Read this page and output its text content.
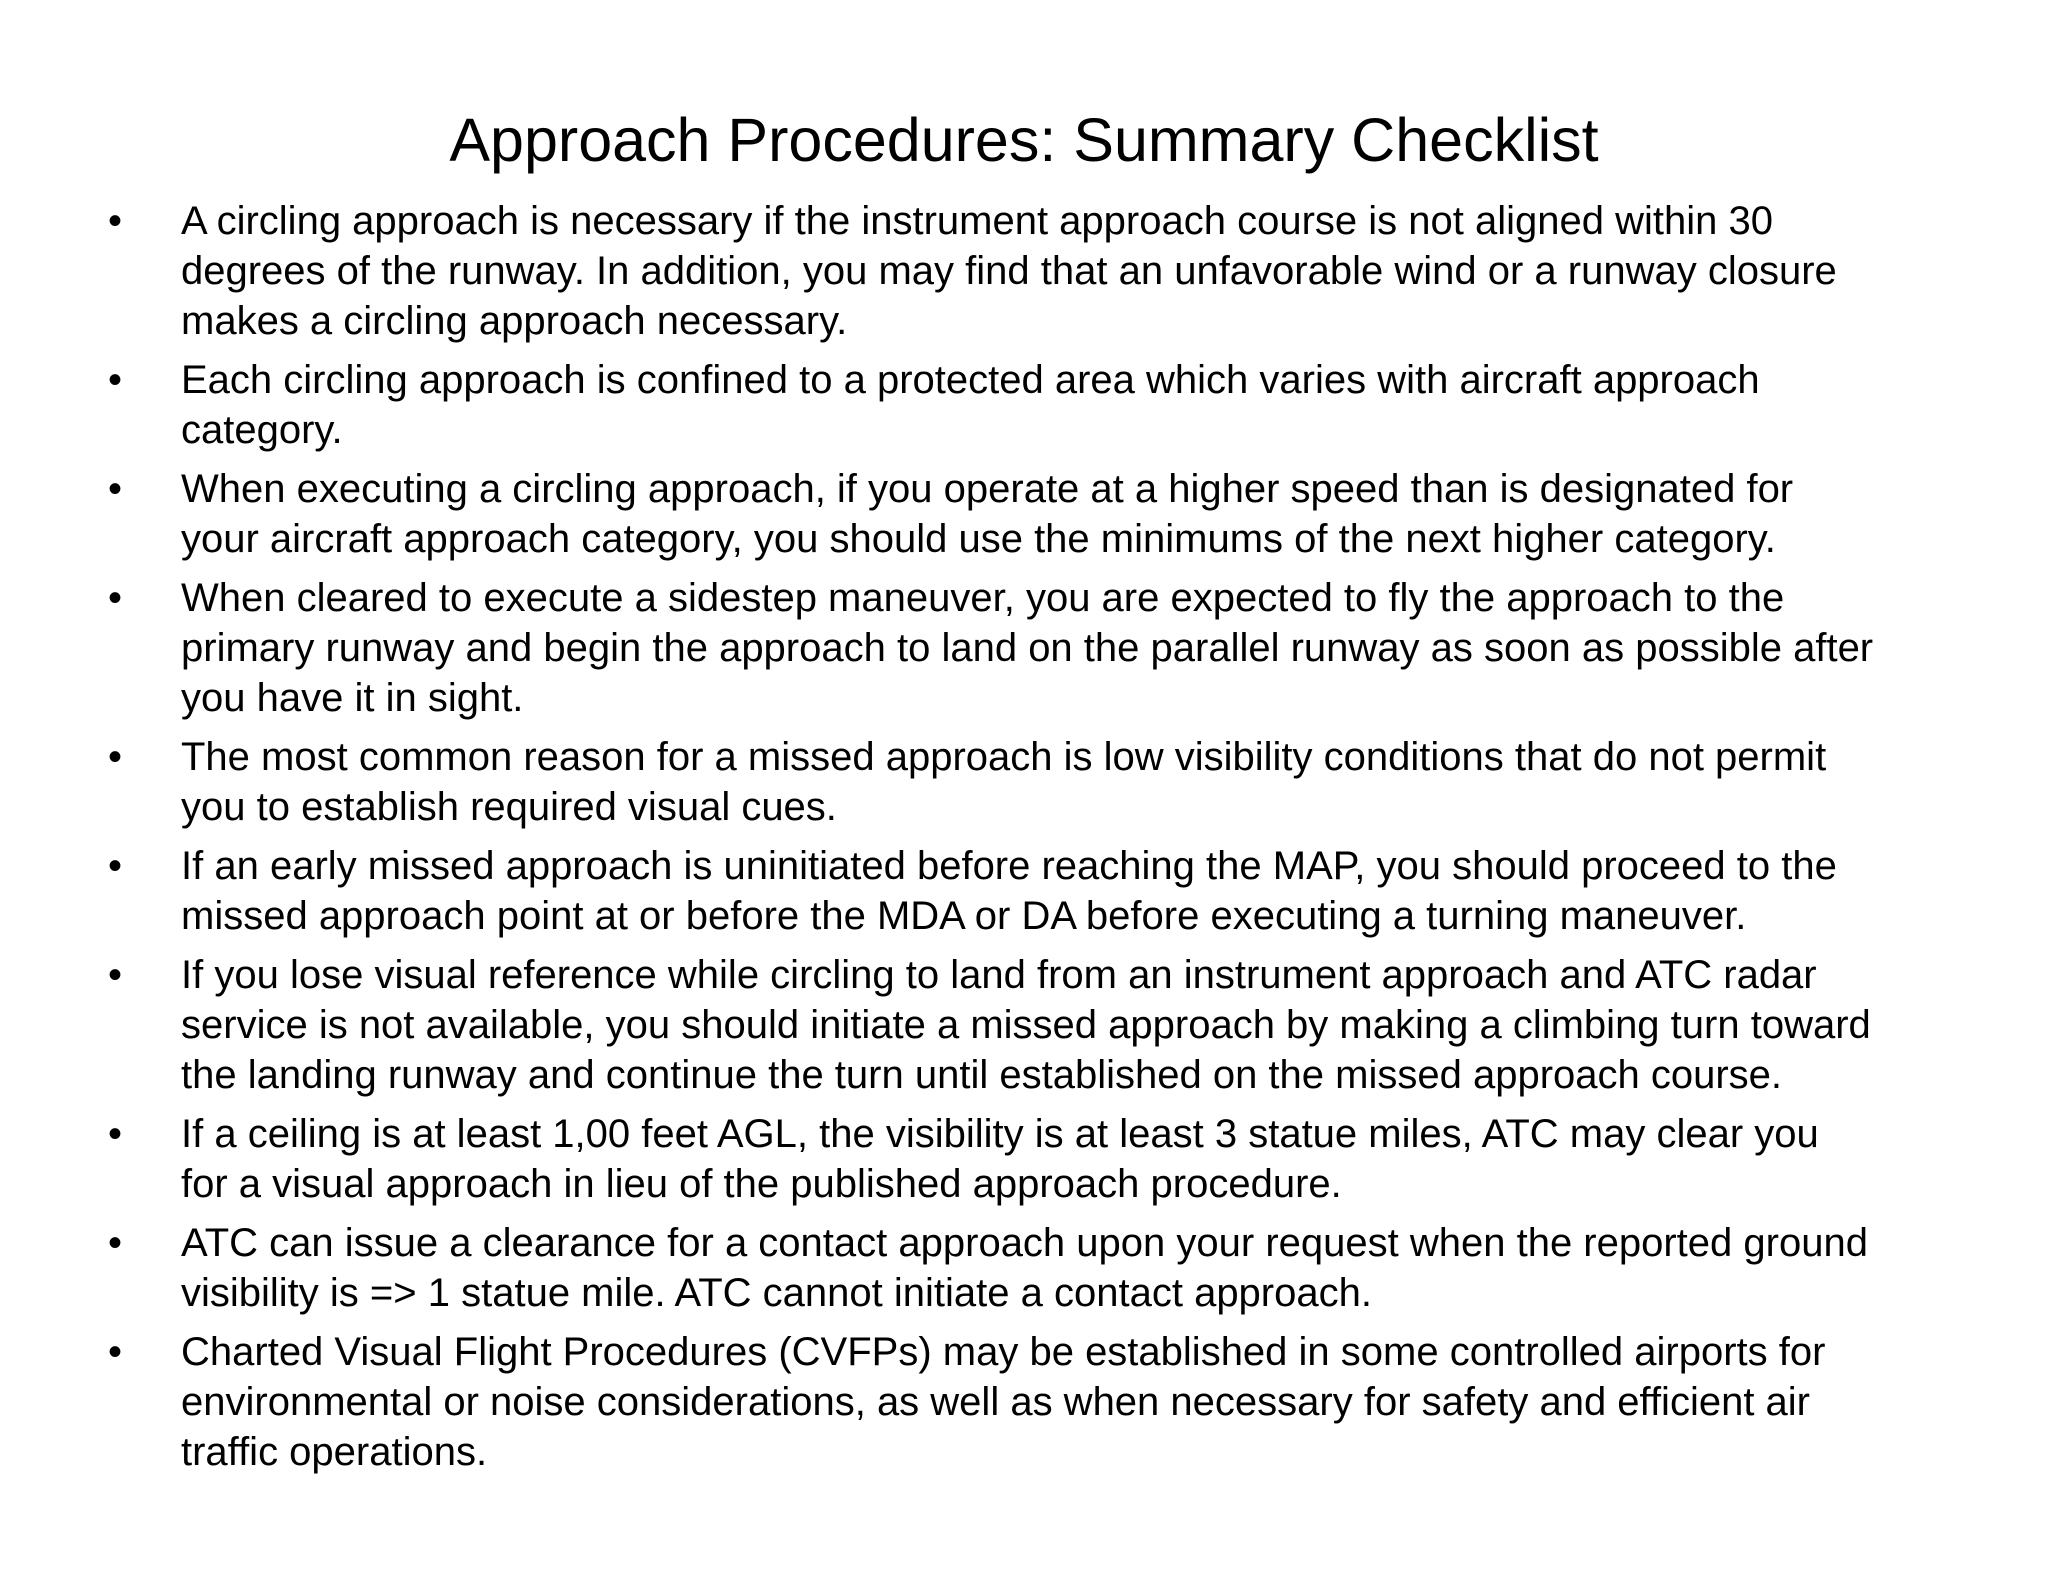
Approach Procedures: Summary Checklist
• A circling approach is necessary if the instrument approach course is not aligned within 30
degrees of the runway. In addition, you may find that an unfavorable wind or a runway closure
makes a circling approach necessary.
• Each circling approach is confined to a protected area which varies with aircraft approach
category.
• When executing a circling approach, if you operate at a higher speed than is designated for
your aircraft approach category, you should use the minimums of the next higher category.
• When cleared to execute a sidestep maneuver, you are expected to fly the approach to the
primary runway and begin the approach to land on the parallel runway as soon as possible after
you have it in sight.
• The most common reason for a missed approach is low visibility conditions that do not permit
you to establish required visual cues.
• If an early missed approach is uninitiated before reaching the MAP, you should proceed to the
missed approach point at or before the MDA or DA before executing a turning maneuver.
• If you lose visual reference while circling to land from an instrument approach and ATC radar
service is not available, you should initiate a missed approach by making a climbing turn toward
the landing runway and continue the turn until established on the missed approach course.
• If a ceiling is at least 1,00 feet AGL, the visibility is at least 3 statue miles, ATC may clear you
for a visual approach in lieu of the published approach procedure.
• ATC can issue a clearance for a contact approach upon your request when the reported ground
visibility is => 1 statue mile. ATC cannot initiate a contact approach.
• Charted Visual Flight Procedures (CVFPs) may be established in some controlled airports for
environmental or noise considerations, as well as when necessary for safety and efficient air
traffic operations.
